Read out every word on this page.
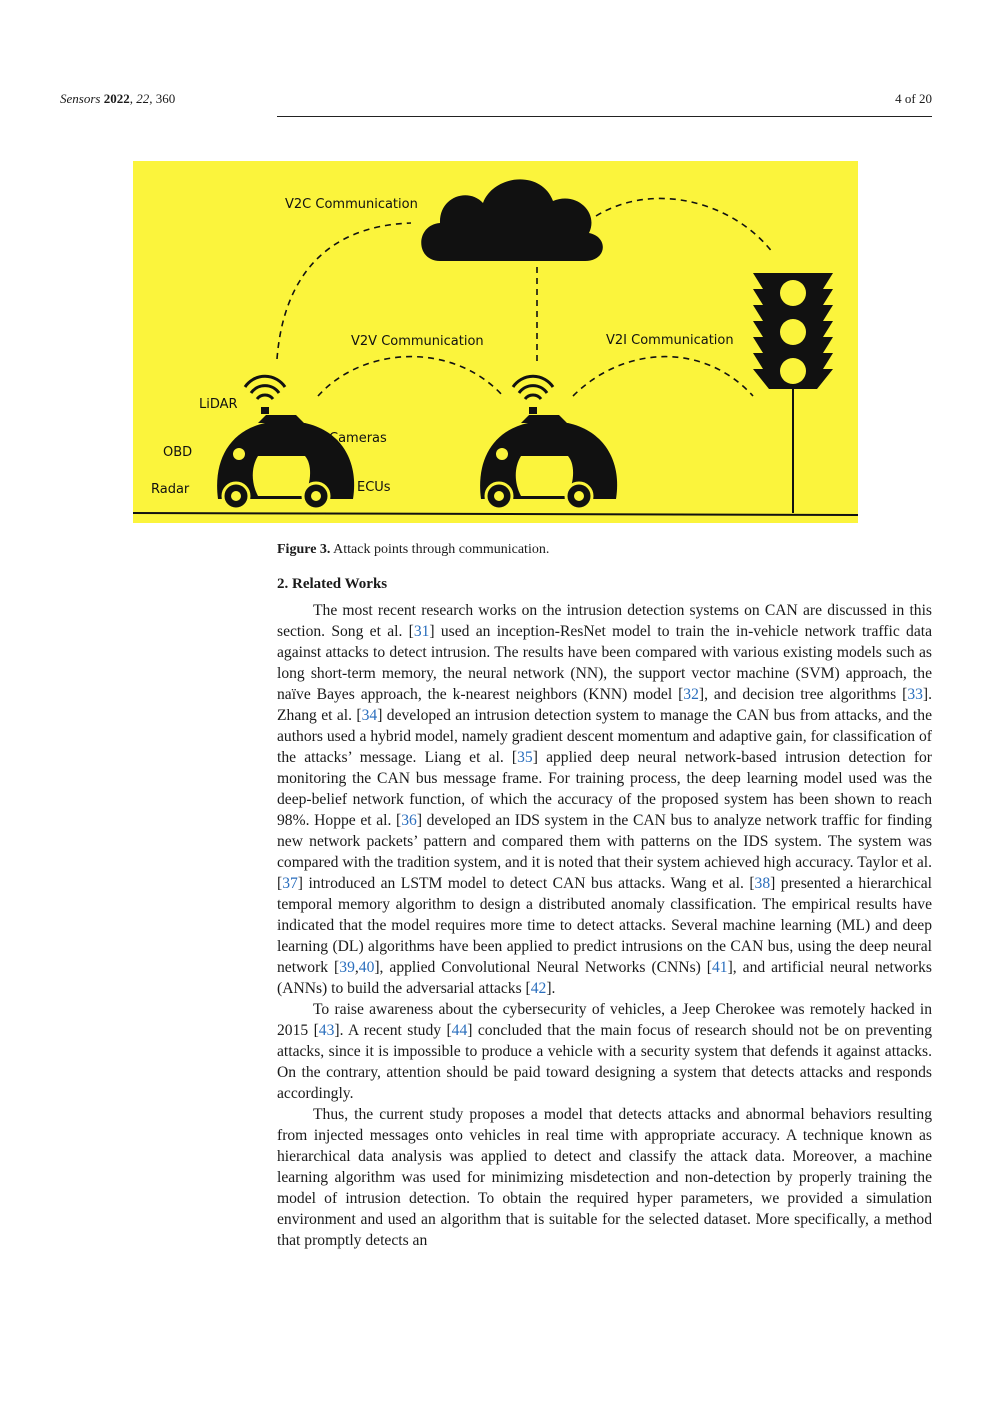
Sensors 2022, 22, 360	4 of 20
V2C Communication
V2V Communication	V2I Communication
LiDAR
Cameras
OBD
Radar	ECUs
Figure 3. Attack points through communication.
2. Related Works

The most recent research works on the intrusion detection systems on CAN are discussed in this section. Song et al. [31] used an inception-ResNet model to train the in-vehicle network traffic data against attacks to detect intrusion. The results have been compared with various existing models such as long short-term memory, the neural network (NN), the support vector machine (SVM) approach, the naïve Bayes approach, the k-nearest neighbors (KNN) model [32], and decision tree algorithms [33]. Zhang et al. [34] developed an intrusion detection system to manage the CAN bus from attacks, and the authors used a hybrid model, namely gradient descent momentum and adaptive gain, for classification of the attacks’ message. Liang et al. [35] applied deep neural network-based intrusion detection for monitoring the CAN bus message frame. For training process, the deep learning model used was the deep-belief network function, of which the accuracy of the proposed system has been shown to reach 98%. Hoppe et al. [36] developed an IDS system in the CAN bus to analyze network traffic for finding new network packets’ pattern and compared them with patterns on the IDS system. The system was compared with the tradition system, and it is noted that their system achieved high accuracy. Taylor et al. [37] introduced an LSTM model to detect CAN bus attacks. Wang et al. [38] presented a hierarchical temporal memory algorithm to design a distributed anomaly classification. The empirical results have indicated that the model requires more time to detect attacks. Several machine learning (ML) and deep learning (DL) algorithms have been applied to predict intrusions on the CAN bus, using the deep neural network [39,40], applied Convolutional Neural Networks (CNNs) [41], and artificial neural networks (ANNs) to build the adversarial attacks [42].

To raise awareness about the cybersecurity of vehicles, a Jeep Cherokee was remotely hacked in 2015 [43]. A recent study [44] concluded that the main focus of research should not be on preventing attacks, since it is impossible to produce a vehicle with a security system that defends it against attacks. On the contrary, attention should be paid toward designing a system that detects attacks and responds accordingly.

Thus, the current study proposes a model that detects attacks and abnormal behaviors resulting from injected messages onto vehicles in real time with appropriate accuracy. A technique known as hierarchical data analysis was applied to detect and classify the attack data. Moreover, a machine learning algorithm was used for minimizing misdetection and non-detection by properly training the model of intrusion detection. To obtain the required hyper parameters, we provided a simulation environment and used an algorithm that is suitable for the selected dataset. More specifically, a method that promptly detects an
